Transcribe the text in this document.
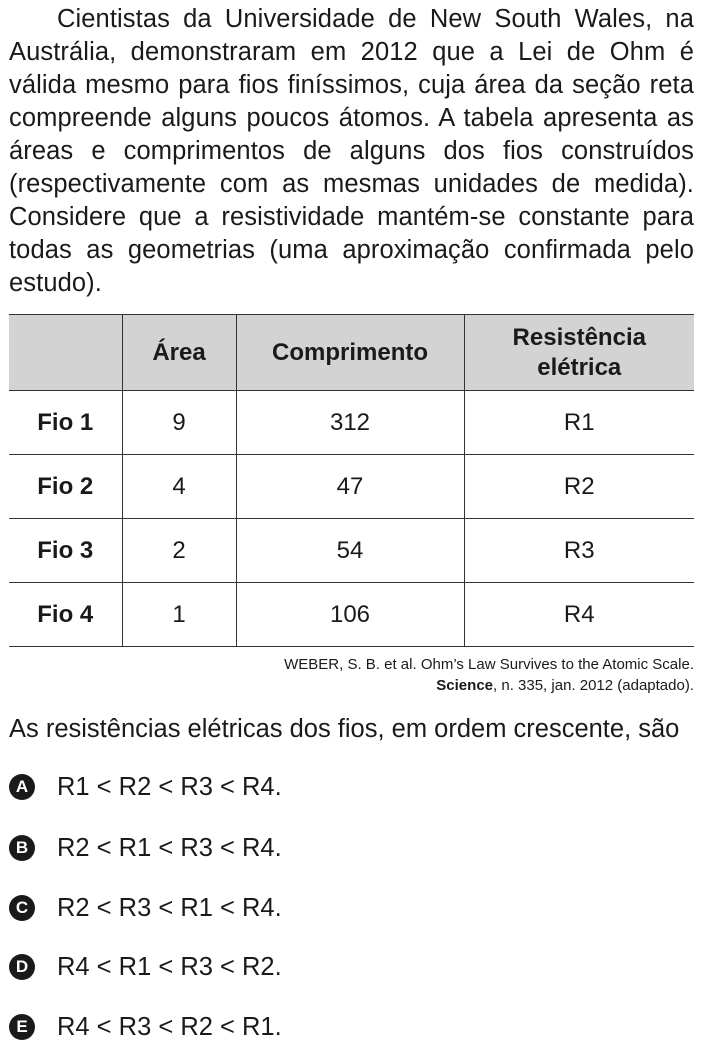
Cientistas da Universidade de New South Wales, na Austrália, demonstraram em 2012 que a Lei de Ohm é válida mesmo para fios finíssimos, cuja área da seção reta compreende alguns poucos átomos. A tabela apresenta as áreas e comprimentos de alguns dos fios construídos (respectivamente com as mesmas unidades de medida). Considere que a resistividade mantém-se constante para todas as geometrias (uma aproximação confirmada pelo estudo).
	Área	Comprimento	Resistência elétrica

Fio 1	9	312	R1
Fio 2	4	47	R2
Fio 3	2	54	R3
Fio 4	1	106	R4
WEBER, S. B. et al. Ohm’s Law Survives to the Atomic Scale.
Science, n. 335, jan. 2012 (adaptado).
As resistências elétricas dos fios, em ordem crescente, são
A R1 < R2 < R3 < R4.
B R2 < R1 < R3 < R4.
C R2 < R3 < R1 < R4.
D R4 < R1 < R3 < R2.
E R4 < R3 < R2 < R1.
